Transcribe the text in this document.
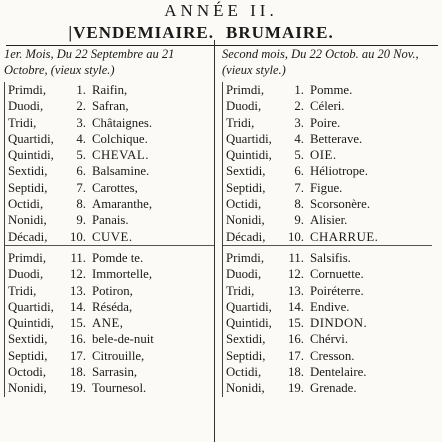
ANNÉE II.
|VENDEMIAIRE. BRUMAIRE.
1er. Mois, Du 22 Septembre au 21 Octobre, (vieux style.)
Primdi,	1. Raifin,
Duodi,	2. Safran,
Tridi,	3. Châtaignes.
Quartidi,	4. Colchique.
Quintidi,	5. CHEVAL.
Sextidi,	6. Balsamine.
Septidi,	7. Carottes,
Octidi,	8. Amaranthe,
Nonidi,	9. Panais.
Décadi,	10. CUVE.
Primdi,	11. Pomde te.
Duodi,	12. Immortelle,
Tridi,	13. Potiron,
Quartidi,	14. Réséda,
Quintidi,	15. ANE,
Sextidi,	16. bele-de-nuit
Septidi,	17. Citrouille,
Octodi,	18. Sarrasin,
Nonidi,	19. Tournesol.
Second mois, Du 22 Octob. au 20 Nov., (vieux style.)
Primdi,	1. Pomme.
Duodi,	2. Céleri.
Tridi,	3. Poire.
Quartidi,	4. Betterave.
Quintidi,	5. OIE.
Sextidi,	6. Héliotrope.
Septidi,	7. Figue.
Octidi,	8. Scorsonère.
Nonidi,	9. Alisier.
Décadi,	10. CHARRUE.
Primdi,	11. Salsifis.
Duodi,	12. Cornuette.
Tridi,	13. Poiréterre.
Quartidi,	14. Endive.
Quintidi,	15. DINDON.
Sextidi,	16. Chérvi.
Septidi,	17. Cresson.
Octidi,	18. Dentelaire.
Nonidi,	19. Grenade.
